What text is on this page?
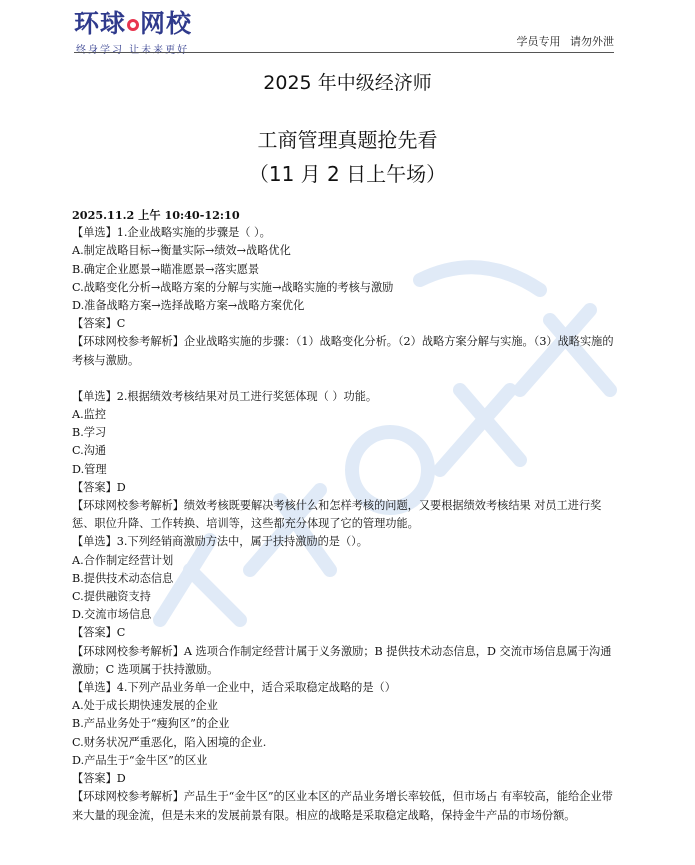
环球 网校
终身学习 让未来更好
学员专用 请勿外泄
2025 年中级经济师
工商管理真题抢先看
（11 月 2 日上午场）
2025.11.2 上午 10:40-12:10
【单选】1.企业战略实施的步骤是（ ）。
A.制定战略目标→衡量实际→绩效→战略优化
B.确定企业愿景→瞄准愿景→落实愿景
C.战略变化分析→战略方案的分解与实施→战略实施的考核与激励
D.准备战略方案→选择战略方案→战略方案优化
【答案】C
【环球网校参考解析】企业战略实施的步骤：（1）战略变化分析。（2）战略方案分解与实施。（3）战略实施的考核与激励。
【单选】2.根据绩效考核结果对员工进行奖惩体现（ ）功能。
A.监控
B.学习
C.沟通
D.管理
【答案】D
【环球网校参考解析】绩效考核既要解决考核什么和怎样考核的问题，又要根据绩效考核结果 对员工进行奖惩、职位升降、工作转换、培训等，这些都充分体现了它的管理功能。
【单选】3.下列经销商激励方法中，属于扶持激励的是（）。
A.合作制定经营计划
B.提供技术动态信息
C.提供融资支持
D.交流市场信息
【答案】C
【环球网校参考解析】A 选项合作制定经营计属于义务激励；B 提供技术动态信息，D 交流市场信息属于沟通激励；C 选项属于扶持激励。
【单选】4.下列产品业务单一企业中，适合采取稳定战略的是（）
A.处于成长期快速发展的企业
B.产品业务处于“瘦狗区”的企业
C.财务状况严重恶化，陷入困境的企业.
D.产品生于“金牛区”的区业
【答案】D
【环球网校参考解析】产品生于“金牛区”的区业本区的产品业务增长率较低，但市场占 有率较高，能给企业带来大量的现金流，但是未来的发展前景有限。相应的战略是采取稳定战略，保持金牛产品的市场份额。
